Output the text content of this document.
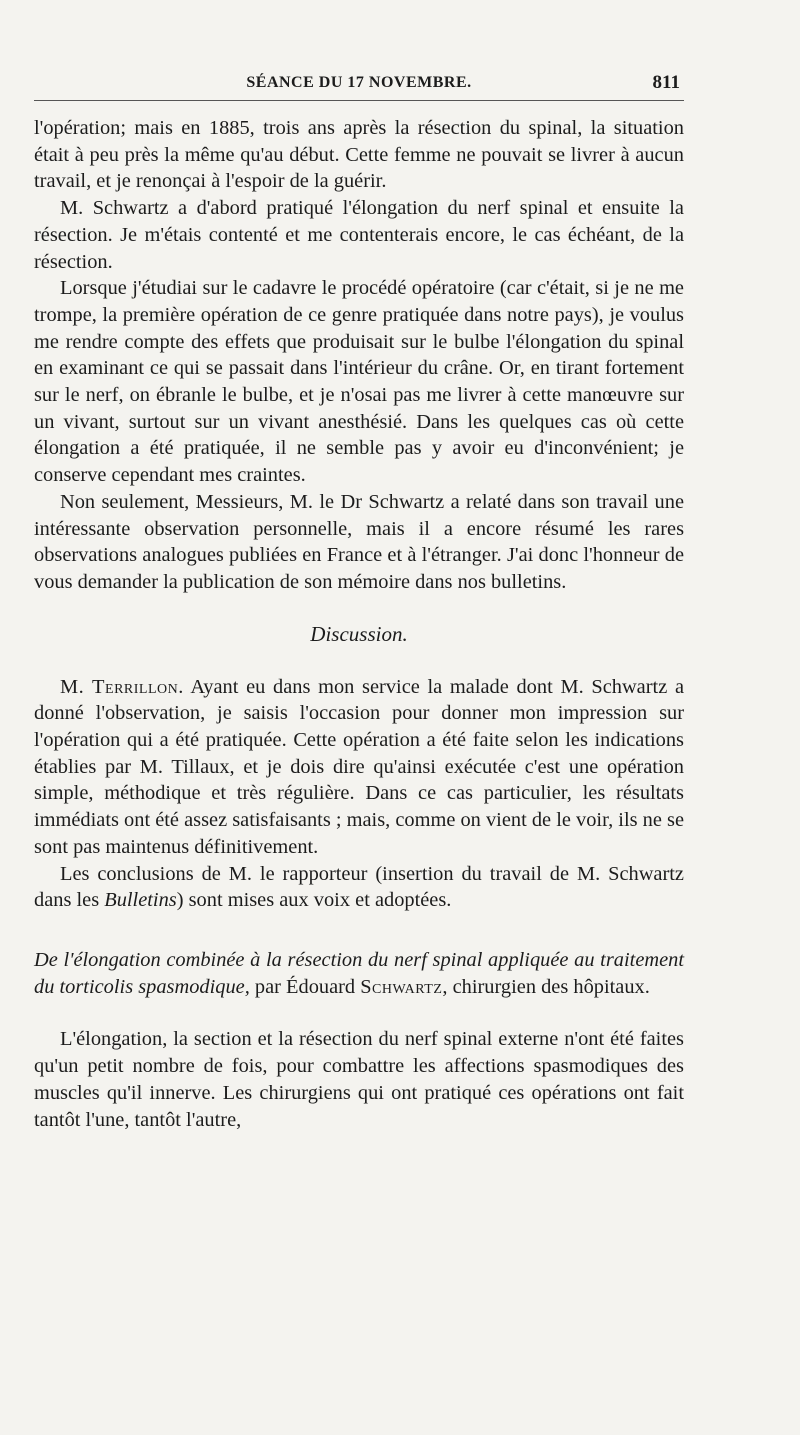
SÉANCE DU 17 NOVEMBRE.	811

l'opération; mais en 1885, trois ans après la résection du spinal, la situation était à peu près la même qu'au début. Cette femme ne pouvait se livrer à aucun travail, et je renonçai à l'espoir de la guérir.

M. Schwartz a d'abord pratiqué l'élongation du nerf spinal et ensuite la résection. Je m'étais contenté et me contenterais encore, le cas échéant, de la résection.

Lorsque j'étudiai sur le cadavre le procédé opératoire (car c'était, si je ne me trompe, la première opération de ce genre pratiquée dans notre pays), je voulus me rendre compte des effets que produisait sur le bulbe l'élongation du spinal en examinant ce qui se passait dans l'intérieur du crâne. Or, en tirant fortement sur le nerf, on ébranle le bulbe, et je n'osai pas me livrer à cette manœuvre sur un vivant, surtout sur un vivant anesthésié. Dans les quelques cas où cette élongation a été pratiquée, il ne semble pas y avoir eu d'inconvénient; je conserve cependant mes craintes.

Non seulement, Messieurs, M. le Dr Schwartz a relaté dans son travail une intéressante observation personnelle, mais il a encore résumé les rares observations analogues publiées en France et à l'étranger. J'ai donc l'honneur de vous demander la publication de son mémoire dans nos bulletins.

Discussion.

M. Terrillon. Ayant eu dans mon service la malade dont M. Schwartz a donné l'observation, je saisis l'occasion pour donner mon impression sur l'opération qui a été pratiquée. Cette opération a été faite selon les indications établies par M. Tillaux, et je dois dire qu'ainsi exécutée c'est une opération simple, méthodique et très régulière. Dans ce cas particulier, les résultats immédiats ont été assez satisfaisants ; mais, comme on vient de le voir, ils ne se sont pas maintenus définitivement.

Les conclusions de M. le rapporteur (insertion du travail de M. Schwartz dans les Bulletins) sont mises aux voix et adoptées.

De l'élongation combinée à la résection du nerf spinal appliquée au traitement du torticolis spasmodique, par Édouard Schwartz, chirurgien des hôpitaux.

L'élongation, la section et la résection du nerf spinal externe n'ont été faites qu'un petit nombre de fois, pour combattre les affections spasmodiques des muscles qu'il innerve. Les chirurgiens qui ont pratiqué ces opérations ont fait tantôt l'une, tantôt l'autre,
